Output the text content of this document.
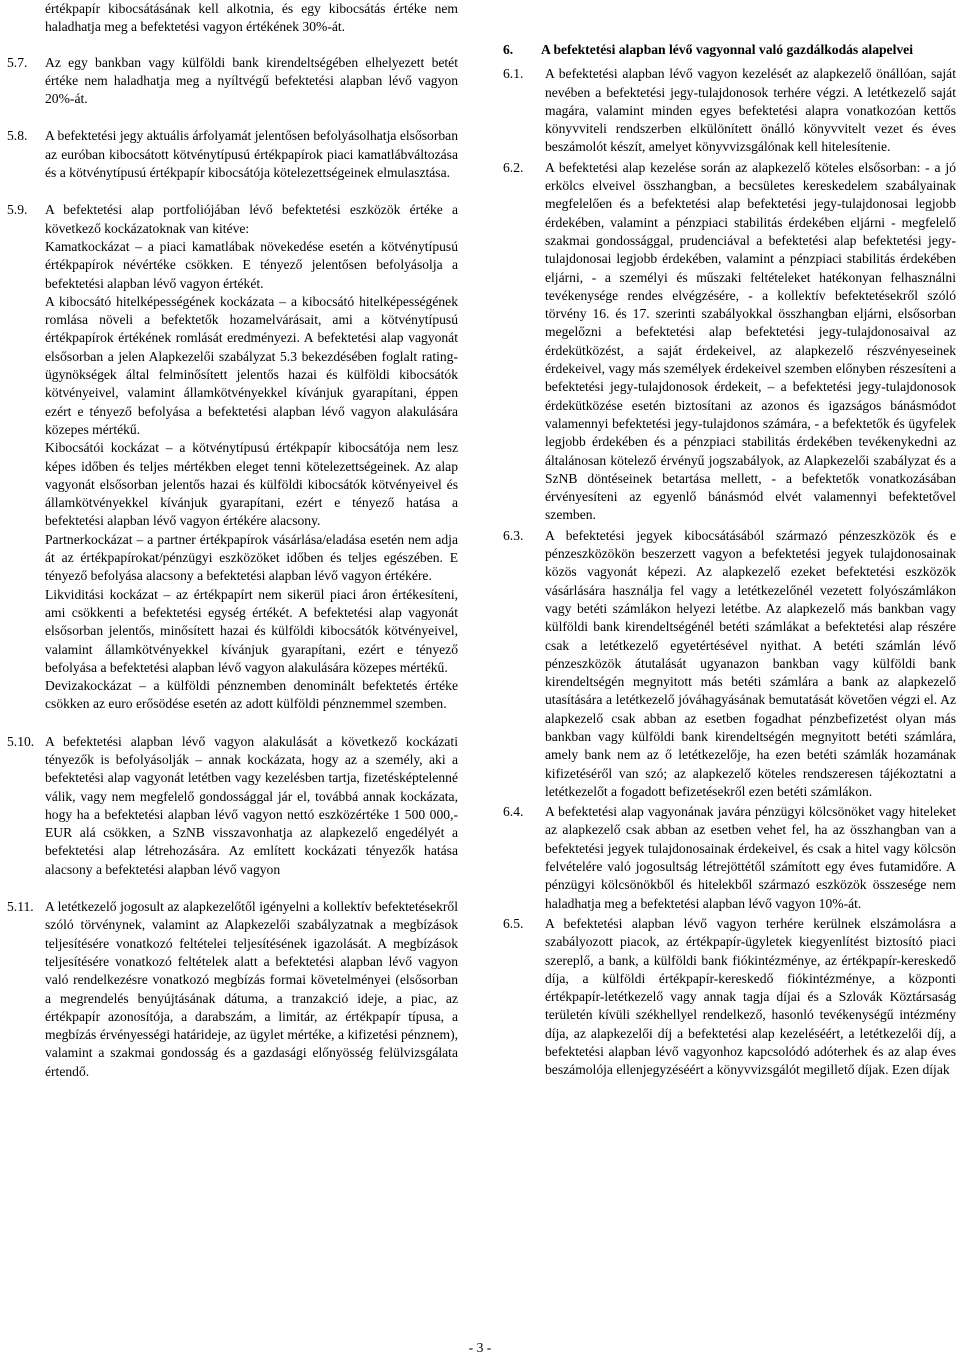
értékpapír kibocsátásának kell alkotnia, és egy kibocsátás értéke nem haladhatja meg a befektetési vagyon értékének 30%-át.

5.7. Az egy bankban vagy külföldi bank kirendeltségében elhelyezett betét értéke nem haladhatja meg a nyíltvégű befektetési alapban lévő vagyon 20%-át.

5.8. A befektetési jegy aktuális árfolyamát jelentősen befolyásolhatja elsősorban az euróban kibocsátott kötvénytípusú értékpapírok piaci kamatlábváltozása és a kötvénytípusú értékpapír kibocsátója kötelezettségeinek elmulasztása.

5.9. A befektetési alap portfoliójában lévő befektetési eszközök értéke a következő kockázatoknak van kitéve:

Kamatkockázat – a piaci kamatlábak növekedése esetén a kötvénytípusú értékpapírok névértéke csökken. E tényező jelentősen befolyásolja a befektetési alapban lévő vagyon értékét.

A kibocsátó hitelképességének kockázata – a kibocsátó hitelképességének romlása növeli a befektetők hozamelvárásait, ami a kötvénytípusú értékpapírok értékének romlását eredményezi. A befektetési alap vagyonát elsősorban a jelen Alapkezelői szabályzat 5.3 bekezdésében foglalt rating-ügynökségek által felminősített jelentős hazai és külföldi kibocsátók kötvényeivel, valamint államkötvényekkel kívánjuk gyarapítani, éppen ezért e tényező befolyása a befektetési alapban lévő vagyon alakulására közepes mértékű.

Kibocsátói kockázat – a kötvénytípusú értékpapír kibocsátója nem lesz képes időben és teljes mértékben eleget tenni kötelezettségeinek. Az alap vagyonát elsősorban jelentős hazai és külföldi kibocsátók kötvényeivel és államkötvényekkel kívánjuk gyarapítani, ezért e tényező hatása a befektetési alapban lévő vagyon értékére alacsony.

Partnerkockázat – a partner értékpapírok vásárlása/eladása esetén nem adja át az értékpapírokat/pénzügyi eszközöket időben és teljes egészében. E tényező befolyása alacsony a befektetési alapban lévő vagyon értékére.

Likviditási kockázat – az értékpapírt nem sikerül piaci áron értékesíteni, ami csökkenti a befektetési egység értékét. A befektetési alap vagyonát elsősorban jelentős, minősített hazai és külföldi kibocsátók kötvényeivel, valamint államkötvényekkel kívánjuk gyarapítani, ezért e tényező befolyása a befektetési alapban lévő vagyon alakulására közepes mértékű.

Devizakockázat – a külföldi pénznemben denominált befektetés értéke csökken az euro erősödése esetén az adott külföldi pénznemmel szemben.

5.10. A befektetési alapban lévő vagyon alakulását a következő kockázati tényezők is befolyásolják – annak kockázata, hogy az a személy, aki a befektetési alap vagyonát letétben vagy kezelésben tartja, fizetésképtelenné válik, vagy nem megfelelő gondossággal jár el, továbbá annak kockázata, hogy ha a befektetési alapban lévő vagyon nettó eszközértéke 1 500 000,-EUR alá csökken, a SzNB visszavonhatja az alapkezelő engedélyét a befektetési alap létrehozására. Az említett kockázati tényezők hatása alacsony a befektetési alapban lévő vagyon

5.11. A letétkezelő jogosult az alapkezelőtől igényelni a kollektív befektetésekről szóló törvénynek, valamint az Alapkezelői szabályzatnak a megbízások teljesítésére vonatkozó feltételei teljesítésének igazolását. A megbízások teljesítésére vonatkozó feltételek alatt a befektetési alapban lévő vagyon való rendelkezésre vonatkozó megbízás formai követelményei (elsősorban a megrendelés benyújtásának dátuma, a tranzakció ideje, a piac, az értékpapír azonosítója, a darabszám, a limitár, az értékpapír típusa, a megbízás érvényességi határideje, az ügylet mértéke, a kifizetési pénznem), valamint a szakmai gondosság és a gazdasági előnyösség felülvizsgálata értendő.

6. A befektetési alapban lévő vagyonnal való gazdálkodás alapelvei
6.1. A befektetési alapban lévő vagyon kezelését az alapkezelő önállóan, saját nevében a befektetési jegy-tulajdonosok terhére végzi. A letétkezelő saját magára, valamint minden egyes befektetési alapra vonatkozóan kettős könyvviteli rendszerben elkülönített önálló könyvvitelt vezet és éves beszámolót készít, amelyet könyvvizsgálónak kell hitelesítenie.

6.2. A befektetési alap kezelése során az alapkezelő köteles elsősorban: - a jó erkölcs elveivel összhangban, a becsületes kereskedelem szabályainak megfelelően és a befektetési alap befektetési jegy-tulajdonosai legjobb érdekében, valamint a pénzpiaci stabilitás érdekében eljárni - megfelelő szakmai gondossággal, prudenciával a befektetési alap befektetési jegy-tulajdonosai legjobb érdekében, valamint a pénzpiaci stabilitás érdekében eljárni, - a személyi és műszaki feltételeket hatékonyan felhasználni tevékenysége rendes elvégzésére, - a kollektív befektetésekről szóló törvény 16. és 17. szerinti szabályokkal összhangban eljárni, elsősorban megelőzni a befektetési alap befektetési jegy-tulajdonosaival az érdekütközést, a saját érdekeivel, az alapkezelő részvényeseinek érdekeivel, vagy más személyek érdekeivel szemben előnyben részesíteni a befektetési jegy-tulajdonosok érdekeit, – a befektetési jegy-tulajdonosok érdekütközése esetén biztosítani az azonos és igazságos bánásmódot valamennyi befektetési jegy-tulajdonos számára, - a befektetők és ügyfelek legjobb érdekében és a pénzpiaci stabilitás érdekében tevékenykedni az általánosan kötelező érvényű jogszabályok, az Alapkezelői szabályzat és a SzNB döntéseinek betartása mellett, - a befektetők vonatkozásában érvényesíteni az egyenlő bánásmód elvét valamennyi befektetővel szemben.

6.3. A befektetési jegyek kibocsátásából származó pénzeszközök és e pénzeszközökön beszerzett vagyon a befektetési jegyek tulajdonosainak közös vagyonát képezi. Az alapkezelő ezeket befektetési eszközök vásárlására használja fel vagy a letétkezelőnél vezetett folyószámlákon vagy betéti számlákon helyezi letétbe. Az alapkezelő más bankban vagy külföldi bank kirendeltségénél betéti számlákat a befektetési alap részére csak a letétkezelő egyetértésével nyithat. A betéti számlán lévő pénzeszközök átutalását ugyanazon bankban vagy külföldi bank kirendeltségén megnyitott más betéti számlára a bank az alapkezelő utasítására a letétkezelő jóváhagyásának bemutatását követően végzi el. Az alapkezelő csak abban az esetben fogadhat pénzbefizetést olyan más bankban vagy külföldi bank kirendeltségén megnyitott betéti számlára, amely bank nem az ő letétkezelője, ha ezen betéti számlák hozamának kifizetéséről van szó; az alapkezelő köteles rendszeresen tájékoztatni a letétkezelőt a fogadott befizetésekről ezen betéti számlákon.

6.4. A befektetési alap vagyonának javára pénzügyi kölcsönöket vagy hiteleket az alapkezelő csak abban az esetben vehet fel, ha az összhangban van a befektetési jegyek tulajdonosainak érdekeivel, és csak a hitel vagy kölcsön felvételére való jogosultság létrejöttétől számított egy éves futamidőre. A pénzügyi kölcsönökből és hitelekből származó eszközök összesége nem haladhatja meg a befektetési alapban lévő vagyon 10%-át.

6.5. A befektetési alapban lévő vagyon terhére kerülnek elszámolásra a szabályozott piacok, az értékpapír-ügyletek kiegyenlítést biztosító piaci szereplő, a bank, a külföldi bank fiókintézménye, az értékpapír-kereskedő díja, a külföldi értékpapír-kereskedő fiókintézménye, a központi értékpapír-letétkezelő vagy annak tagja díjai és a Szlovák Köztársaság területén kívüli székhellyel rendelkező, hasonló tevékenységű intézmény díja, az alapkezelői díj a befektetési alap kezeléséért, a letétkezelői díj, a befektetési alapban lévő vagyonhoz kapcsolódó adóterhek és az alap éves beszámolója ellenjegyzéséért a könyvvizsgálót megillető díjak. Ezen díjak

- 3 -
